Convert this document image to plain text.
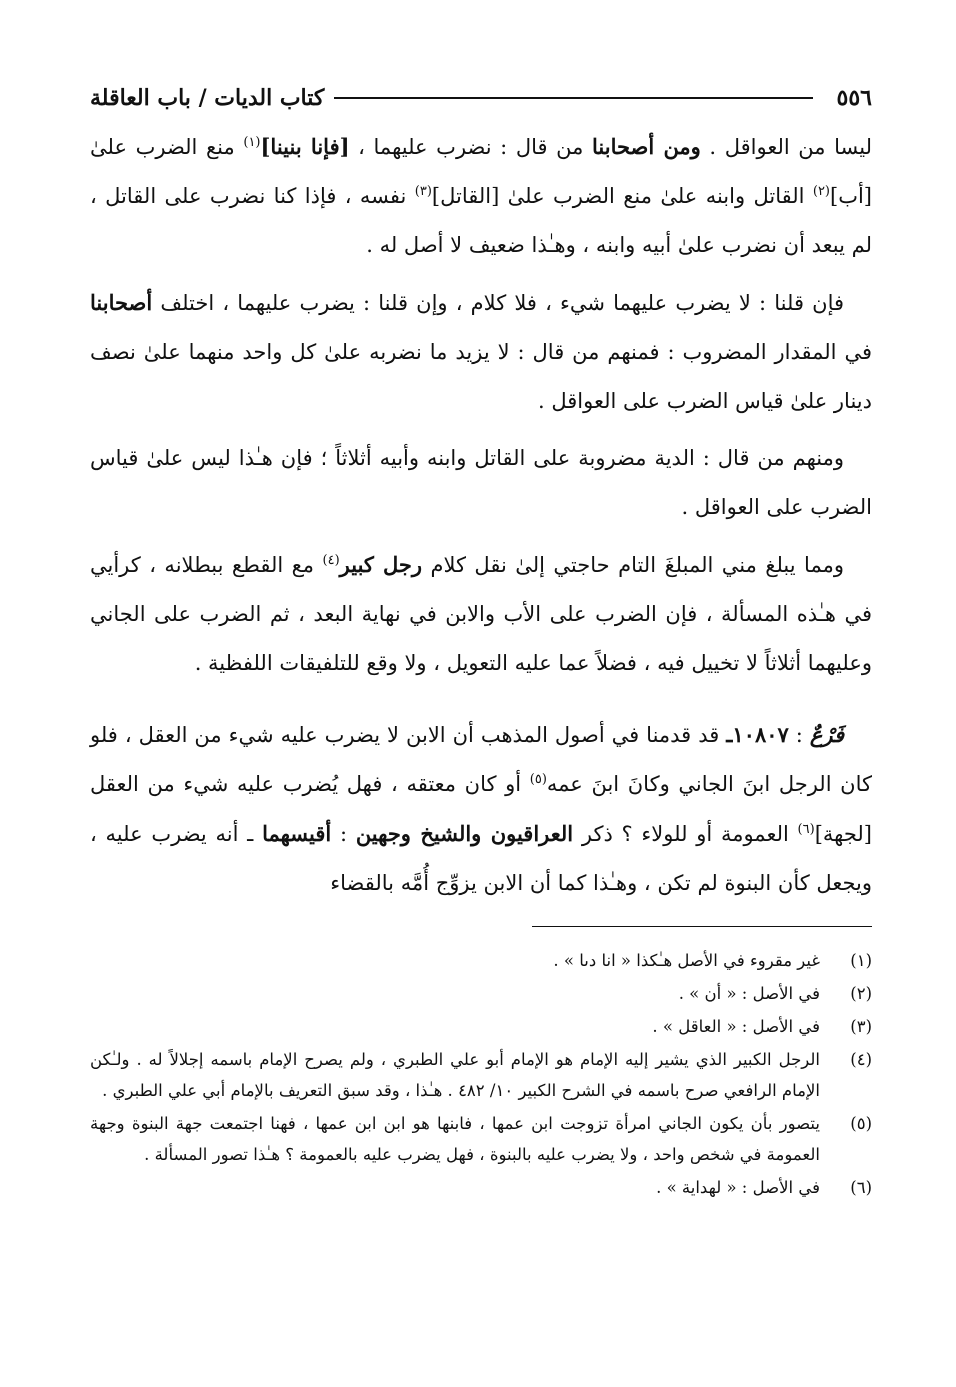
٥٥٦
كتاب الديات / باب العاقلة

ليسا من العواقل . ومن أصحابنا من قال : نضرب عليهما ، [فإنا بنينا]$^{(١)}$ منع الضرب علىٰ [أب]$^{(٢)}$ القاتل وابنه علىٰ منع الضرب علىٰ [القاتل]$^{(٣)}$ نفسه ، فإذا كنا نضرب على القاتل ، لم يبعد أن نضرب علىٰ أبيه وابنه ، وهـٰذا ضعيف لا أصل له .

فإن قلنا : لا يضرب عليهما شيء ، فلا كلام ، وإن قلنا : يضرب عليهما ، اختلف أصحابنا في المقدار المضروب : فمنهم من قال : لا يزيد ما نضربه علىٰ كل واحد منهما علىٰ نصف دينار علىٰ قياس الضرب على العواقل .

ومنهم من قال : الدية مضروبة على القاتل وابنه وأبيه أثلاثاً ؛ فإن هـٰذا ليس علىٰ قياس الضرب على العواقل .

ومما يبلغ مني المبلغَ التام حاجتي إلىٰ نقل كلام رجل كبير$^{(٤)}$ مع القطع ببطلانه ، كرأيي في هـٰذه المسألة ، فإن الضرب على الأب والابن في نهاية البعد ، ثم الضرب على الجاني وعليهما أثلاثاً لا تخييل فيه ، فضلاً عما عليه التعويل ، ولا وقع للتلفيقات اللفظية .

فَرْعٌ : ١٠٨٠٧ـ قد قدمنا في أصول المذهب أن الابن لا يضرب عليه شيء من العقل ، فلو كان الرجل ابنَ الجاني وكانَ ابنَ عمه$^{(٥)}$ أو كان معتقه ، فهل يُضرب عليه شيء من العقل [لجهة]$^{(٦)}$ العمومة أو للولاء ؟ ذكر العراقيون والشيخ وجهين : أقيسهما ـ أنه يضرب عليه ، ويجعل كأن البنوة لم تكن ، وهـٰذا كما أن الابن يزوِّج أُمَّه بالقضاء

(١)
غير مقروء في الأصل هـٰكذا « انا دىا » .
(٢)
في الأصل : « أن » .
(٣)
في الأصل : « العاقل » .
(٤)
الرجل الكبير الذي يشير إليه الإمام هو الإمام أبو علي الطبري ، ولم يصرح الإمام باسمه إجلالاً له . ولـٰكن الإمام الرافعي صرح باسمه في الشرح الكبير ١٠/ ٤٨٢ . هـٰذا ، وقد سبق التعريف بالإمام أبي علي الطبري .
(٥)
يتصور بأن يكون الجاني امرأة تزوجت ابن عمها ، فابنها هو ابن ابن عمها ، فهنا اجتمعت جهة البنوة وجهة العمومة في شخص واحد ، ولا يضرب عليه بالبنوة ، فهل يضرب عليه بالعمومة ؟ هـٰذا تصور المسألة .
(٦)
في الأصل : « لهداية » .
